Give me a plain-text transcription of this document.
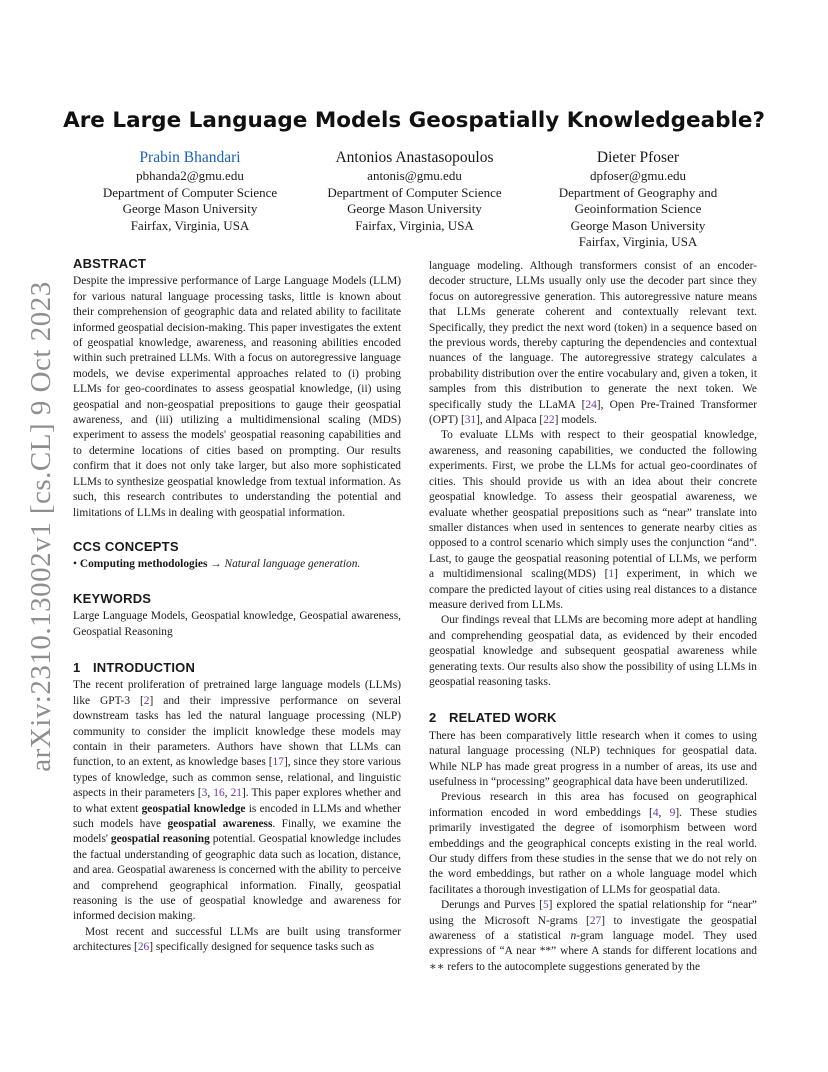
arXiv:2310.13002v1 [cs.CL] 9 Oct 2023
Are Large Language Models Geospatially Knowledgeable?
Prabin Bhandari
pbhanda2@gmu.edu
Department of Computer Science
George Mason University
Fairfax, Virginia, USA
Antonios Anastasopoulos
antonis@gmu.edu
Department of Computer Science
George Mason University
Fairfax, Virginia, USA
Dieter Pfoser
dpfoser@gmu.edu
Department of Geography and
Geoinformation Science
George Mason University
Fairfax, Virginia, USA
ABSTRACT

Despite the impressive performance of Large Language Models (LLM) for various natural language processing tasks, little is known about their comprehension of geographic data and related ability to facilitate informed geospatial decision-making. This paper investigates the extent of geospatial knowledge, awareness, and reasoning abilities encoded within such pretrained LLMs. With a focus on autoregressive language models, we devise experimental approaches related to (i) probing LLMs for geo-coordinates to assess geospatial knowledge, (ii) using geospatial and non-geospatial prepositions to gauge their geospatial awareness, and (iii) utilizing a multidimensional scaling (MDS) experiment to assess the models' geospatial reasoning capabilities and to determine locations of cities based on prompting. Our results confirm that it does not only take larger, but also more sophisticated LLMs to synthesize geospatial knowledge from textual information. As such, this research contributes to understanding the potential and limitations of LLMs in dealing with geospatial information.

CCS CONCEPTS

• Computing methodologies → Natural language generation.

KEYWORDS

Large Language Models, Geospatial knowledge, Geospatial awareness, Geospatial Reasoning

1 INTRODUCTION

The recent proliferation of pretrained large language models (LLMs) like GPT-3 [2] and their impressive performance on several downstream tasks has led the natural language processing (NLP) community to consider the implicit knowledge these models may contain in their parameters. Authors have shown that LLMs can function, to an extent, as knowledge bases [17], since they store various types of knowledge, such as common sense, relational, and linguistic aspects in their parameters [3, 16, 21]. This paper explores whether and to what extent geospatial knowledge is encoded in LLMs and whether such models have geospatial awareness. Finally, we examine the models' geospatial reasoning potential. Geospatial knowledge includes the factual understanding of geographic data such as location, distance, and area. Geospatial awareness is concerned with the ability to perceive and comprehend geographical information. Finally, geospatial reasoning is the use of geospatial knowledge and awareness for informed decision making.

Most recent and successful LLMs are built using transformer architectures [26] specifically designed for sequence tasks such as

language modeling. Although transformers consist of an encoder-decoder structure, LLMs usually only use the decoder part since they focus on autoregressive generation. This autoregressive nature means that LLMs generate coherent and contextually relevant text. Specifically, they predict the next word (token) in a sequence based on the previous words, thereby capturing the dependencies and contextual nuances of the language. The autoregressive strategy calculates a probability distribution over the entire vocabulary and, given a token, it samples from this distribution to generate the next token. We specifically study the LLaMA [24], Open Pre-Trained Transformer (OPT) [31], and Alpaca [22] models.

To evaluate LLMs with respect to their geospatial knowledge, awareness, and reasoning capabilities, we conducted the following experiments. First, we probe the LLMs for actual geo-coordinates of cities. This should provide us with an idea about their concrete geospatial knowledge. To assess their geospatial awareness, we evaluate whether geospatial prepositions such as “near” translate into smaller distances when used in sentences to generate nearby cities as opposed to a control scenario which simply uses the conjunction “and”. Last, to gauge the geospatial reasoning potential of LLMs, we perform a multidimensional scaling(MDS) [1] experiment, in which we compare the predicted layout of cities using real distances to a distance measure derived from LLMs.

Our findings reveal that LLMs are becoming more adept at handling and comprehending geospatial data, as evidenced by their encoded geospatial knowledge and subsequent geospatial awareness while generating texts. Our results also show the possibility of using LLMs in geospatial reasoning tasks.

2 RELATED WORK

There has been comparatively little research when it comes to using natural language processing (NLP) techniques for geospatial data. While NLP has made great progress in a number of areas, its use and usefulness in “processing” geographical data have been underutilized.

Previous research in this area has focused on geographical information encoded in word embeddings [4, 9]. These studies primarily investigated the degree of isomorphism between word embeddings and the geographical concepts existing in the real world. Our study differs from these studies in the sense that we do not rely on the word embeddings, but rather on a whole language model which facilitates a thorough investigation of LLMs for geospatial data.

Derungs and Purves [5] explored the spatial relationship for “near” using the Microsoft N-grams [27] to investigate the geospatial awareness of a statistical n-gram language model. They used expressions of “A near **” where A stands for different locations and ∗∗ refers to the autocomplete suggestions generated by the
